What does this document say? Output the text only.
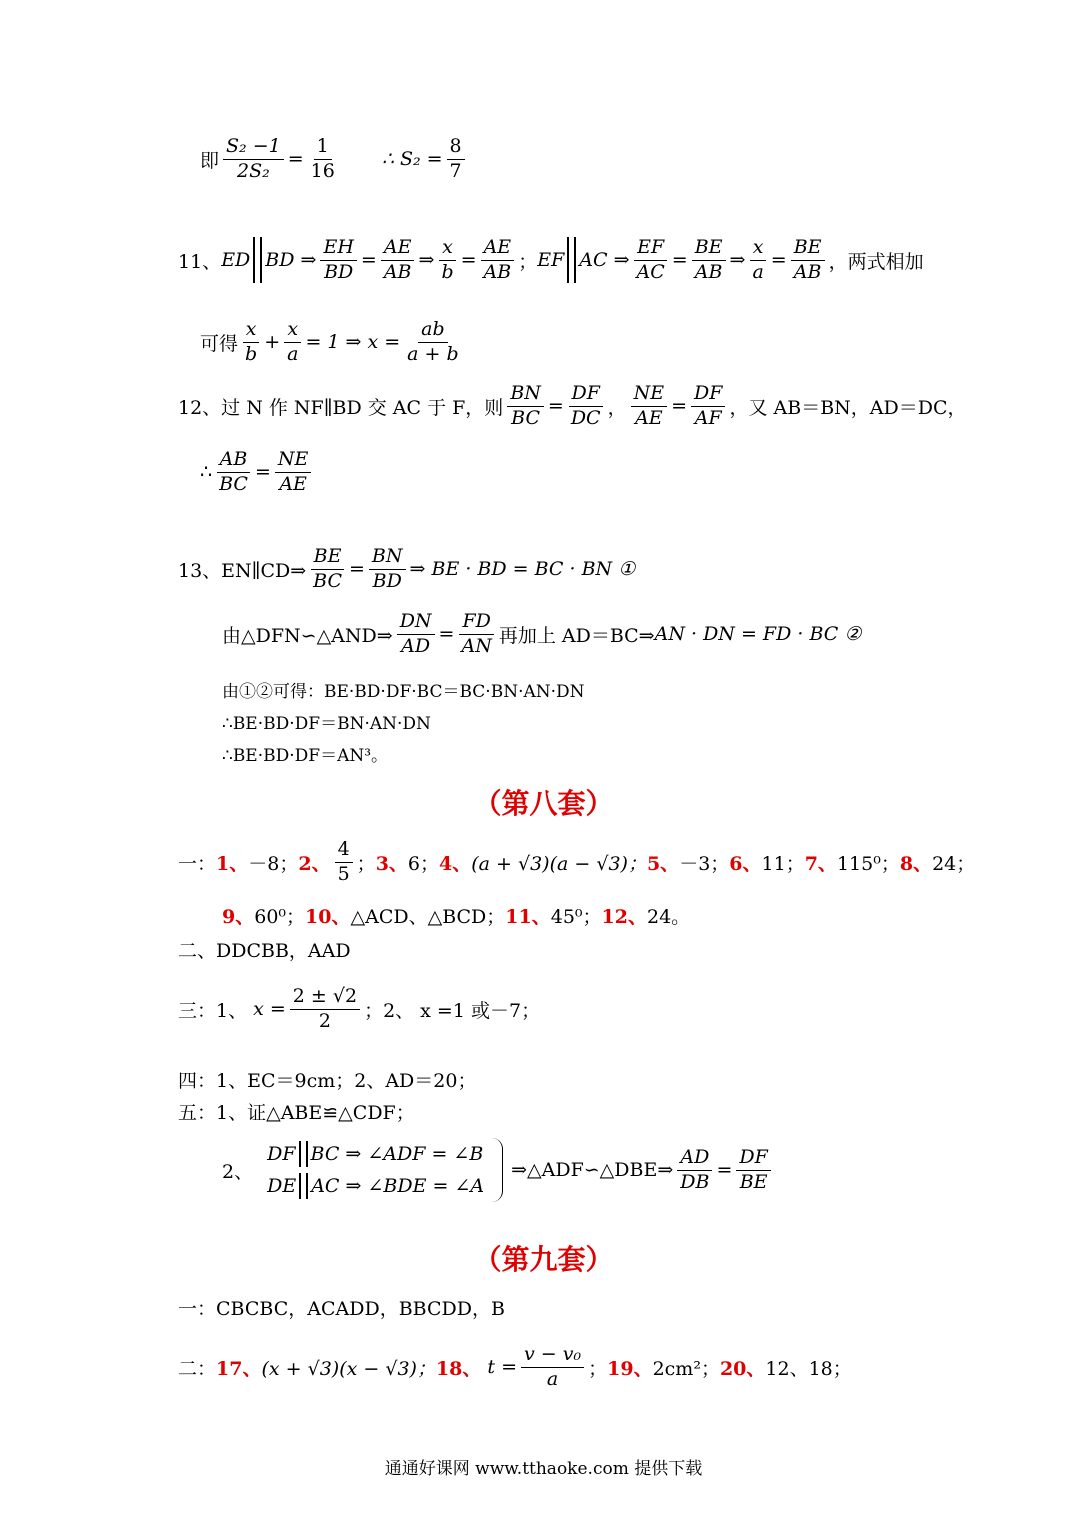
即 $\frac{\text{S₂ −1}}{\text{2S₂}} = \frac{1}{16}$ ∴ $S_2 = \frac{8}{7}$
11、 ED BD ⇒ $\frac{EH}{BD} = \frac{AE}{AB}$ ⇒ $\frac{x}{b} = \frac{AE}{AB}$ ； EF AC ⇒ $\frac{EF}{AC} = \frac{BE}{AB}$ ⇒ $\frac{x}{a} = \frac{BE}{AB}$ ，两式相加
可得
x
b
+ $\frac{x}{a} = 1$ ⇒ $x = \frac{ab}{a + b}$
12、过 N 作 NF∥BD 交 AC 于 F，则 $\frac{BN}{BC} = \frac{DF}{DC}$ ， $\frac{NE}{AE} = \frac{DF}{AF}$ ，又 AB＝BN，AD＝DC，
∴ $\frac{AB}{BC} = \frac{NE}{AE}$
13、EN∥CD⇒ $\frac{BE}{BC} = \frac{BN}{BD}$ ⇒ BE · BD = BC · BN ①
由△DFN∽△AND⇒ $\frac{DN}{AD} = \frac{FD}{AN}$ 再加上 AD＝BC⇒ AN · DN = FD · BC ②
由①②可得：BE·BD·DF·BC＝BC·BN·AN·DN
∴BE·BD·DF＝BN·AN·DN
∴BE·BD·DF＝AN³。
（第八套）
一： 1、 －8； 2、
4
5 ； 3、 6； 4、 (a + √3)(a − √3)； 5、 －3； 6、 11； 7、 115⁰； 8、 24；
9、 60⁰； 10、 △ACD、△BCD； 11、 45⁰； 12、 24。
二、DDCBB，AAD
三：1、 $x = \frac{2 \pm √2}{2}$ ；2、 x =1 或－7；
四：1、EC＝9cm；2、AD＝20；
五：1、证△ABE≌△CDF；
2、
DF BC ⇒ ∠ADF = ∠B
DE AC ⇒ ∠BDE = ∠A
⇒△ADF∽△DBE⇒ $\frac{AD}{DB} = \frac{DF}{BE}$
（第九套）
一：CBCBC，ACADD，BBCDD，B
二： 17、 (x + √3)(x − √3)； 18、 $t = \frac{\text{v − v₀}}{a}$ ； 19、 2cm²； 20、 12、18；
通通好课网 www.tthaoke.com 提供下载
